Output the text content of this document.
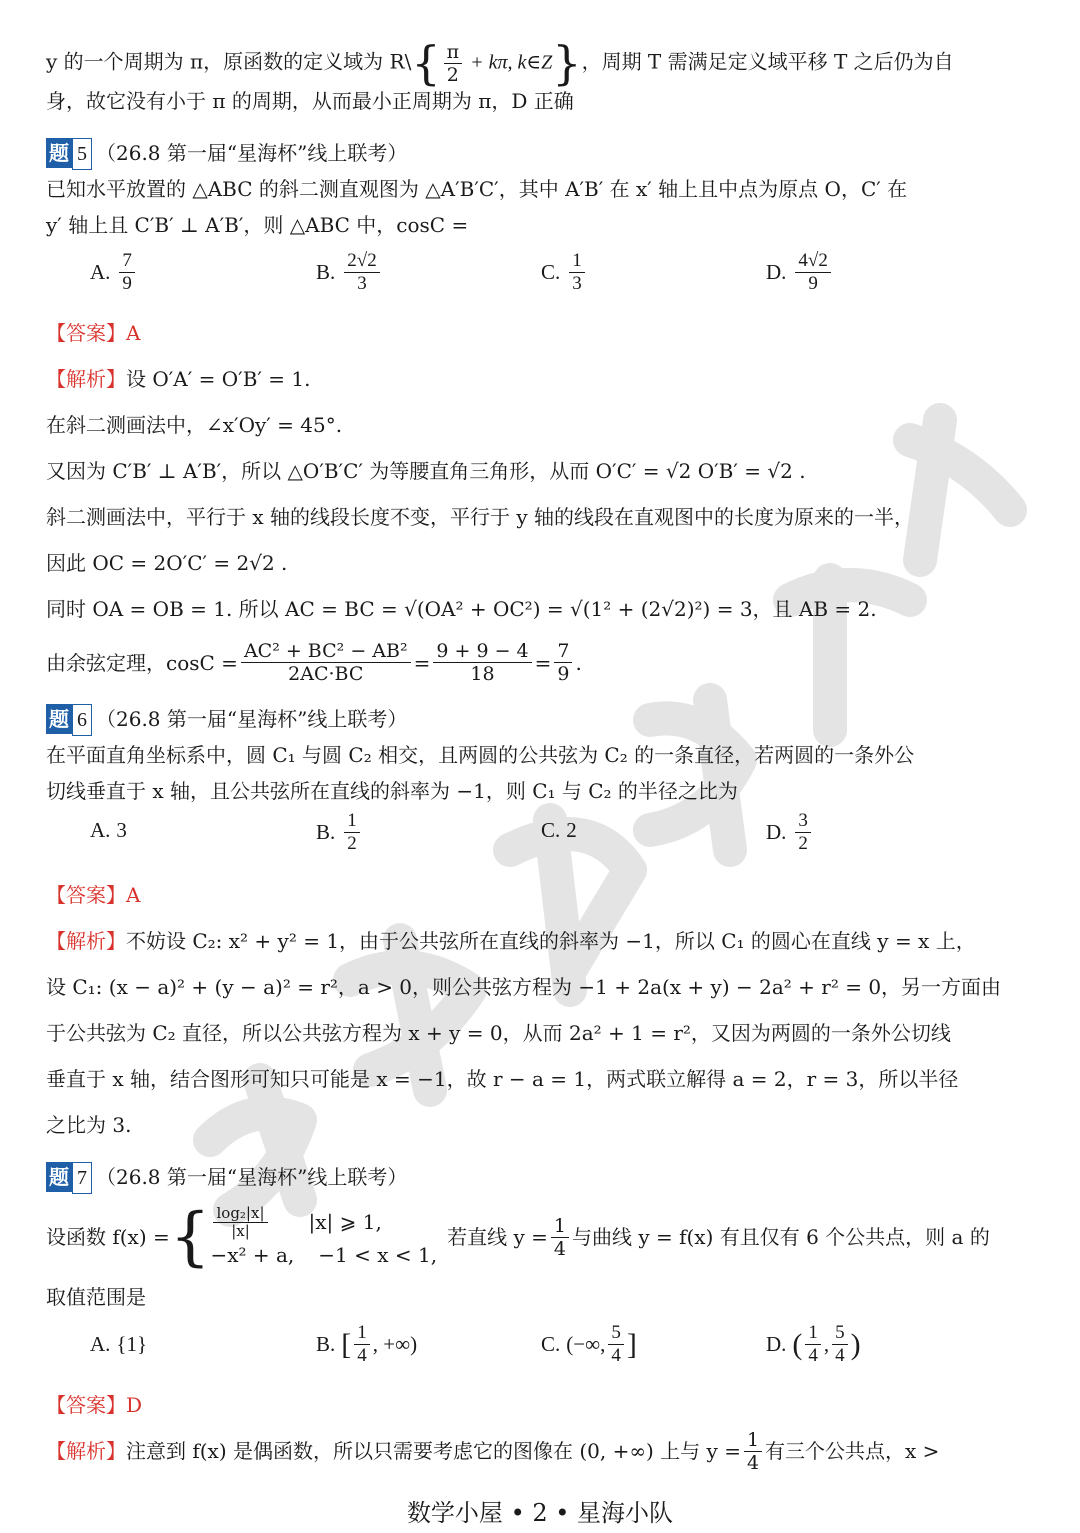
y 的一个周期为 π，原函数的定义域为 R\{ $\frac{\pi}{2} + k\pi$, k∈Z}，周期 T 需满足定义域平移 T 之后仍为自
身，故它没有小于 π 的周期，从而最小正周期为 π，D 正确
题 5 （26.8 第一届“星海杯”线上联考）
已知水平放置的 △ABC 的斜二测直观图为 △A′B′C′，其中 A′B′ 在 x′ 轴上且中点为原点 O，C′ 在
y′ 轴上且 C′B′ ⊥ A′B′，则 △ABC 中，cosC =
A. $\frac{7}{9}$	B. $\frac{2√2}{3}$	C. $\frac{1}{3}$	D. $\frac{4√2}{9}$
【答案】A
【解析】设 O′A′ = O′B′ = 1.
在斜二测画法中，∠x′Oy′ = 45°.
又因为 C′B′ ⊥ A′B′，所以 △O′B′C′ 为等腰直角三角形，从而 O′C′ = √2 O′B′ = √2 .
斜二测画法中，平行于 x 轴的线段长度不变，平行于 y 轴的线段在直观图中的长度为原来的一半，
因此 OC = 2O′C′ = 2√2 .
同时 OA = OB = 1. 所以 AC = BC = √(OA² + OC²) = √(1² + (2√2)²) = 3，且 AB = 2.
由余弦定理，$\cos C = \frac{\text{AC² + BC² − AB²}}{2AC\cdot BC} = \frac{9 + 9 - 4}{18} = \frac{7}{9}$ .
题 6 （26.8 第一届“星海杯”线上联考）
在平面直角坐标系中，圆 C₁ 与圆 C₂ 相交，且两圆的公共弦为 C₂ 的一条直径，若两圆的一条外公
切线垂直于 x 轴，且公共弦所在直线的斜率为 −1，则 C₁ 与 C₂ 的半径之比为
A. 3	B. $\frac{1}{2}$	C. 2	D. $\frac{3}{2}$
【答案】A
【解析】不妨设 C₂: x² + y² = 1，由于公共弦所在直线的斜率为 −1，所以 C₁ 的圆心在直线 y = x 上，
设 C₁: (x − a)² + (y − a)² = r²，a > 0，则公共弦方程为 −1 + 2a(x + y) − 2a² + r² = 0，另一方面由
于公共弦为 C₂ 直径，所以公共弦方程为 x + y = 0，从而 2a² + 1 = r²，又因为两圆的一条外公切线
垂直于 x 轴，结合图形可知只可能是 x = −1，故 r − a = 1，两式联立解得 a = 2，r = 3，所以半径
之比为 3.
题 7 （26.8 第一届“星海杯”线上联考）
设函数 f(x) = { $\frac{\text{log₂|x|}}{|x|} |x|$ ⩾ 1,
−x² + a, −1 < x < 1,
若直线 $y = \frac{1}{4}$ 与曲线 y = f(x) 有且仅有 6 个公共点，则 a 的
取值范围是
A. {1}	B. [ $\frac{1}{4}$ , +∞)	C. (−∞, $\frac{5}{4}$ ]	D. ( $\frac{1}{4}$ , $\frac{5}{4}$ )
【答案】D
【解析】 注意到 f(x) 是偶函数，所以只需要考虑它的图像在 (0, +∞) 上与 $y = \frac{1}{4}$ 有三个公共点，x >
数学小屋 • 2 • 星海小队
